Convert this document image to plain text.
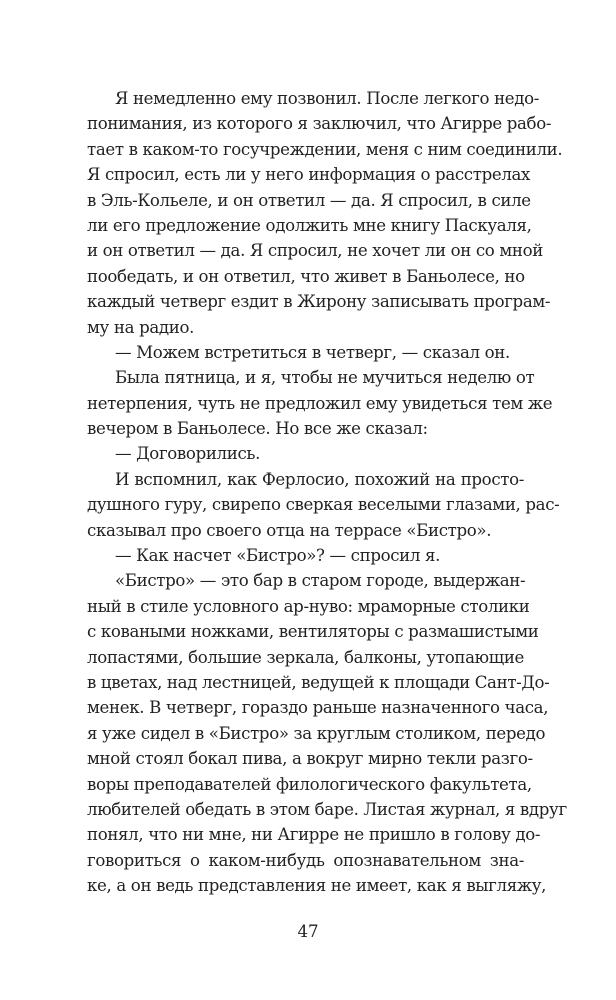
Я немедленно ему позвонил. После легкого недо-
понимания, из которого я заключил, что Агирре рабо-
тает в каком-то госучреждении, меня с ним соединили.
Я спросил, есть ли у него информация о расстрелах
в Эль-Кольеле, и он ответил — да. Я спросил, в силе
ли его предложение одолжить мне книгу Паскуаля,
и он ответил — да. Я спросил, не хочет ли он со мной
пообедать, и он ответил, что живет в Баньолесе, но
каждый четверг ездит в Жирону записывать програм-
му на радио.
— Можем встретиться в четверг, — сказал он.
Была пятница, и я, чтобы не мучиться неделю от
нетерпения, чуть не предложил ему увидеться тем же
вечером в Баньолесе. Но все же сказал:
— Договорились.
И вспомнил, как Ферлосио, похожий на просто-
душного гуру, свирепо сверкая веселыми глазами, рас-
сказывал про своего отца на террасе «Бистро».
— Как насчет «Бистро»? — спросил я.
«Бистро» — это бар в старом городе, выдержан-
ный в стиле условного ар-нуво: мраморные столики
с коваными ножками, вентиляторы с размашистыми
лопастями, большие зеркала, балконы, утопающие
в цветах, над лестницей, ведущей к площади Сант-До-
менек. В четверг, гораздо раньше назначенного часа,
я уже сидел в «Бистро» за круглым столиком, передо
мной стоял бокал пива, а вокруг мирно текли разго-
воры преподавателей филологического факультета,
любителей обедать в этом баре. Листая журнал, я вдруг
понял, что ни мне, ни Агирре не пришло в голову до-
говориться о каком-нибудь опознавательном зна-
ке, а он ведь представления не имеет, как я выгляжу,
47
